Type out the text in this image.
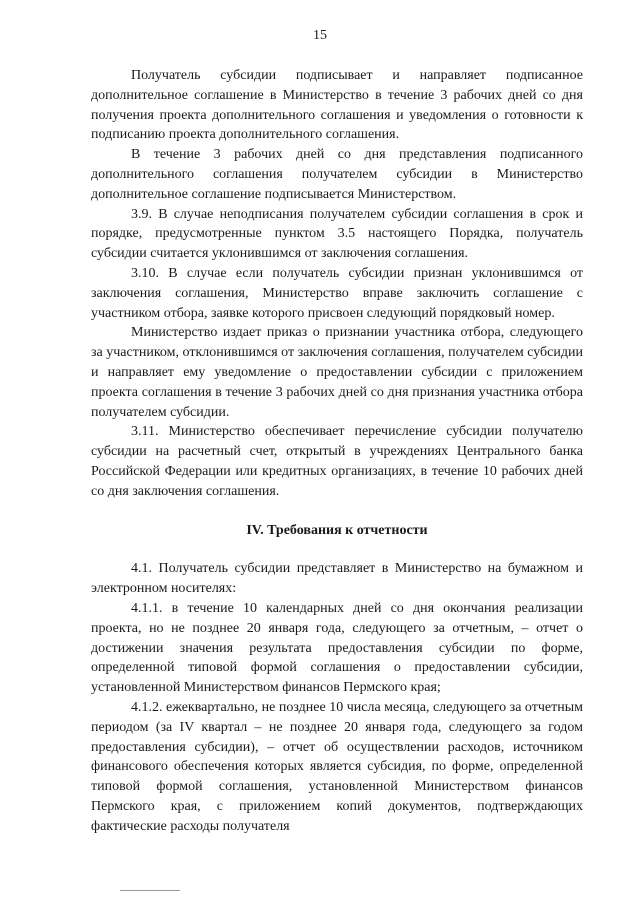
15

Получатель субсидии подписывает и направляет подписанное дополнительное соглашение в Министерство в течение 3 рабочих дней со дня получения проекта дополнительного соглашения и уведомления о готовности к подписанию проекта дополнительного соглашения.

В течение 3 рабочих дней со дня представления подписанного дополнительного соглашения получателем субсидии в Министерство дополнительное соглашение подписывается Министерством.

3.9. В случае неподписания получателем субсидии соглашения в срок и порядке, предусмотренные пунктом 3.5 настоящего Порядка, получатель субсидии считается уклонившимся от заключения соглашения.

3.10. В случае если получатель субсидии признан уклонившимся от заключения соглашения, Министерство вправе заключить соглашение с участником отбора, заявке которого присвоен следующий порядковый номер.

Министерство издает приказ о признании участника отбора, следующего за участником, отклонившимся от заключения соглашения, получателем субсидии и направляет ему уведомление о предоставлении субсидии с приложением проекта соглашения в течение 3 рабочих дней со дня признания участника отбора получателем субсидии.

3.11. Министерство обеспечивает перечисление субсидии получателю субсидии на расчетный счет, открытый в учреждениях Центрального банка Российской Федерации или кредитных организациях, в течение 10 рабочих дней со дня заключения соглашения.

IV. Требования к отчетности

4.1. Получатель субсидии представляет в Министерство на бумажном и электронном носителях:

4.1.1. в течение 10 календарных дней со дня окончания реализации проекта, но не позднее 20 января года, следующего за отчетным, – отчет о достижении значения результата предоставления субсидии по форме, определенной типовой формой соглашения о предоставлении субсидии, установленной Министерством финансов Пермского края;

4.1.2. ежеквартально, не позднее 10 числа месяца, следующего за отчетным периодом (за IV квартал – не позднее 20 января года, следующего за годом предоставления субсидии), – отчет об осуществлении расходов, источником финансового обеспечения которых является субсидия, по форме, определенной типовой формой соглашения, установленной Министерством финансов Пермского края, с приложением копий документов, подтверждающих фактические расходы получателя
